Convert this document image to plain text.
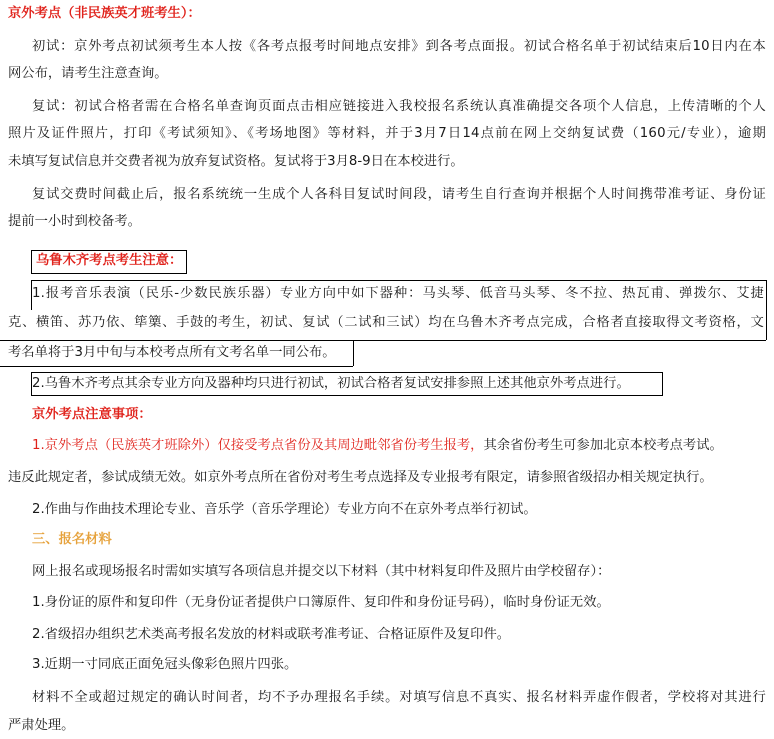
京外考点（非民族英才班考生）：
初试：京外考点初试须考生本人按《各考点报考时间地点安排》到各考点面报。初试合格名单于初试结束后10日内在本
网公布，请考生注意查询。
复试：初试合格者需在合格名单查询页面点击相应链接进入我校报名系统认真准确提交各项个人信息，上传清晰的个人
照片及证件照片，打印《考试须知》、《考场地图》等材料，并于3月7日14点前在网上交纳复试费（160元/专业），逾期
未填写复试信息并交费者视为放弃复试资格。复试将于3月8-9日在本校进行。
复试交费时间截止后，报名系统统一生成个人各科目复试时间段，请考生自行查询并根据个人时间携带准考证、身份证
提前一小时到校备考。
乌鲁木齐考点考生注意：
1.报考音乐表演（民乐-少数民族乐器）专业方向中如下器种：马头琴、低音马头琴、冬不拉、热瓦甫、弹拨尔、艾捷
克、横笛、苏乃依、筚篥、手鼓的考生，初试、复试（二试和三试）均在乌鲁木齐考点完成，合格者直接取得文考资格，文
考名单将于3月中旬与本校考点所有文考名单一同公布。
2.乌鲁木齐考点其余专业方向及器种均只进行初试，初试合格者复试安排参照上述其他京外考点进行。
京外考点注意事项：
1.京外考点（民族英才班除外）仅接受考点省份及其周边毗邻省份考生报考，其余省份考生可参加北京本校考点考试。
违反此规定者，参试成绩无效。如京外考点所在省份对考生考点选择及专业报考有限定，请参照省级招办相关规定执行。
2.作曲与作曲技术理论专业、音乐学（音乐学理论）专业方向不在京外考点举行初试。
三、报名材料
网上报名或现场报名时需如实填写各项信息并提交以下材料（其中材料复印件及照片由学校留存）：
1.身份证的原件和复印件（无身份证者提供户口簿原件、复印件和身份证号码），临时身份证无效。
2.省级招办组织艺术类高考报名发放的材料或联考准考证、合格证原件及复印件。
3.近期一寸同底正面免冠头像彩色照片四张。
材料不全或超过规定的确认时间者，均不予办理报名手续。对填写信息不真实、报名材料弄虚作假者，学校将对其进行
严肃处理。
